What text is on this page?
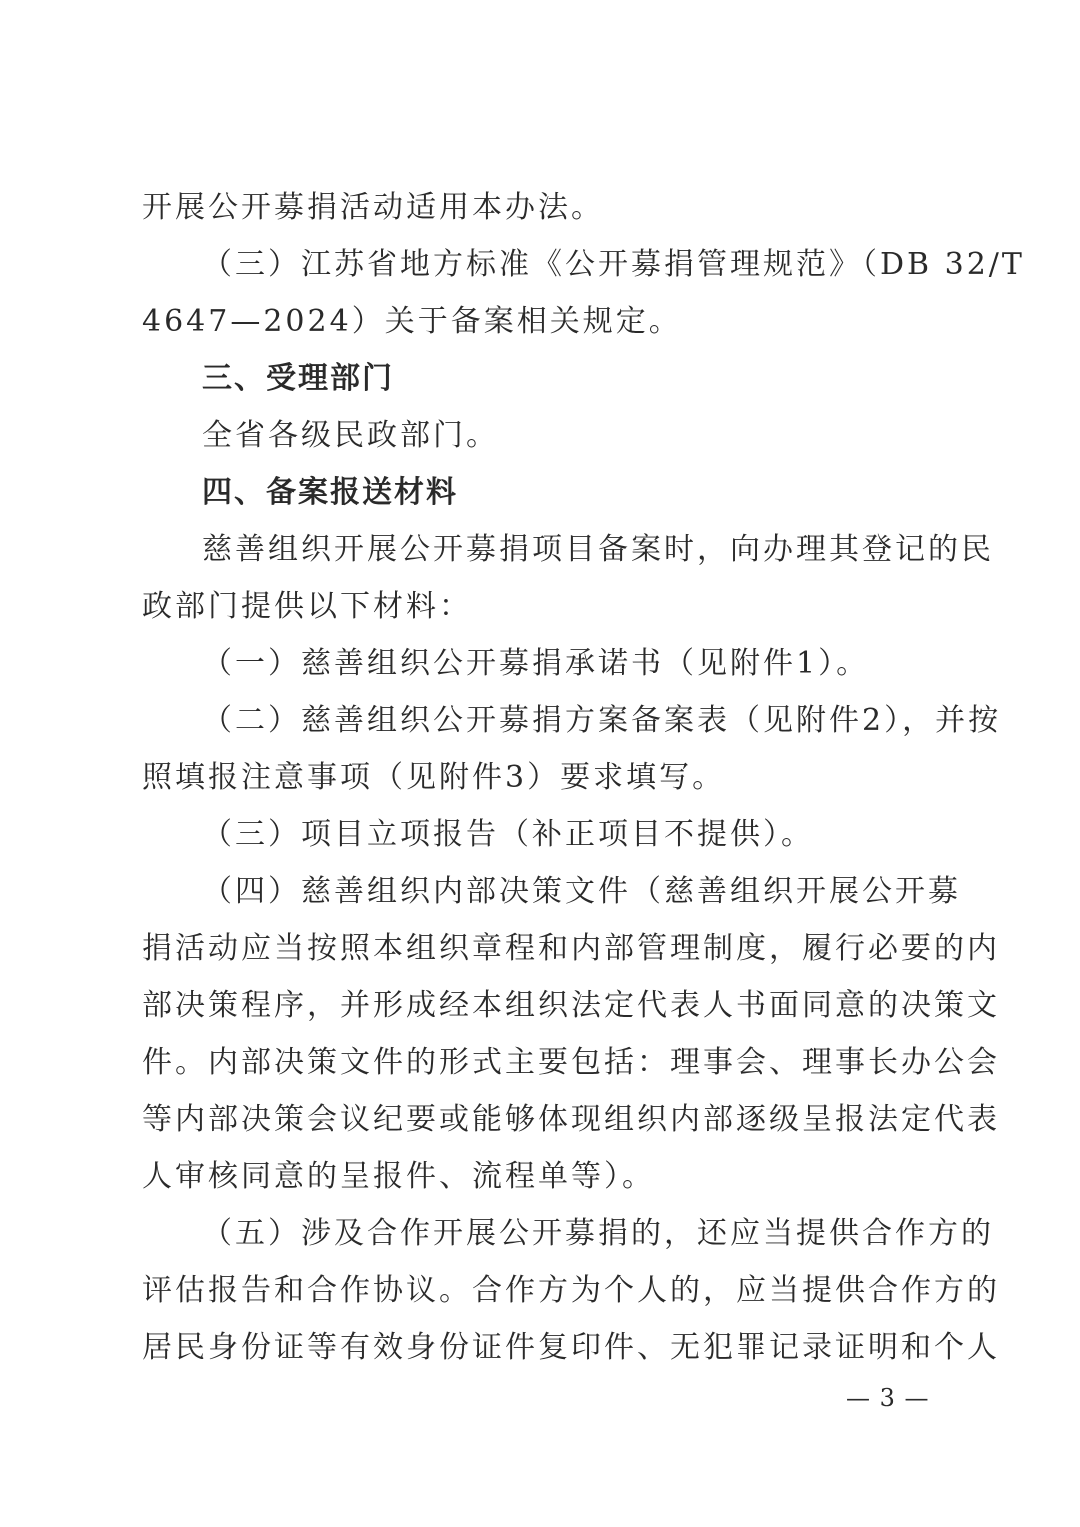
开展公开募捐活动适用本办法。
（三）江苏省地方标准《公开募捐管理规范》（DB 32/T
4647—2024）关于备案相关规定。
三、受理部门
全省各级民政部门。
四、备案报送材料
慈善组织开展公开募捐项目备案时，向办理其登记的民
政部门提供以下材料：
（一）慈善组织公开募捐承诺书（见附件1）。
（二）慈善组织公开募捐方案备案表（见附件2），并按
照填报注意事项（见附件3）要求填写。
（三）项目立项报告（补正项目不提供）。
（四）慈善组织内部决策文件（慈善组织开展公开募
捐活动应当按照本组织章程和内部管理制度，履行必要的内
部决策程序，并形成经本组织法定代表人书面同意的决策文
件。内部决策文件的形式主要包括：理事会、理事长办公会
等内部决策会议纪要或能够体现组织内部逐级呈报法定代表
人审核同意的呈报件、流程单等）。
（五）涉及合作开展公开募捐的，还应当提供合作方的
评估报告和合作协议。合作方为个人的，应当提供合作方的
居民身份证等有效身份证件复印件、无犯罪记录证明和个人
— 3 —
